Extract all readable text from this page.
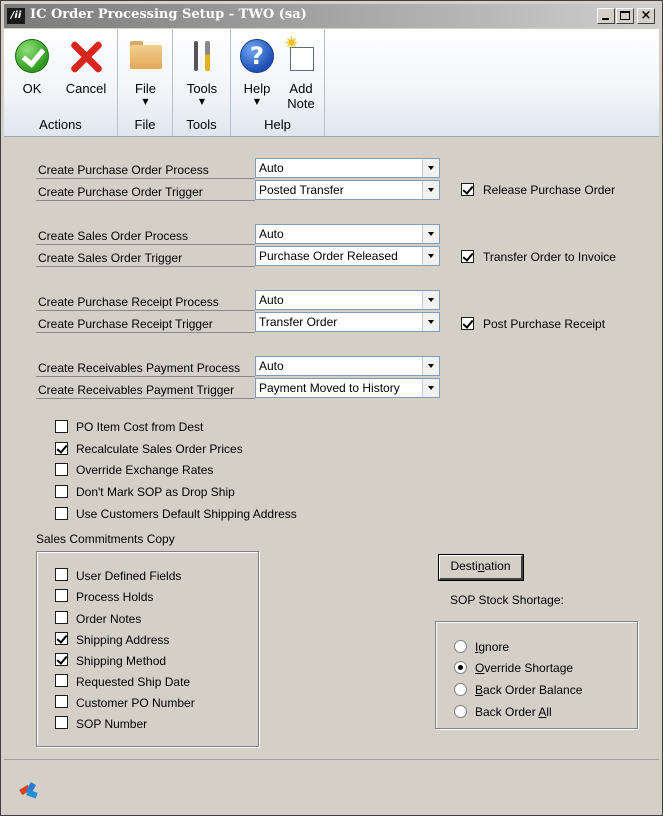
/ii IC Order Processing Setup - TWO (sa)	×
OK	Cancel
Actions
File
▼
File
Tools
▼
Tools
?
Help
▼
✷
Add
Note
Help
Create Purchase Order Process	Auto
Create Purchase Order Trigger	Posted Transfer	Release Purchase Order
Create Sales Order Process	Auto
Create Sales Order Trigger	Purchase Order Released	Transfer Order to Invoice
Create Purchase Receipt Process	Auto
Create Purchase Receipt Trigger	Transfer Order	Post Purchase Receipt
Create Receivables Payment Process Auto
Create Receivables Payment Trigger Payment Moved to History
PO Item Cost from Dest
Recalculate Sales Order Prices
Override Exchange Rates
Don't Mark SOP as Drop Ship
Use Customers Default Shipping Address
Sales Commitments Copy
User Defined Fields
Process Holds
Order Notes
Shipping Address
Shipping Method
Requested Ship Date
Customer PO Number
SOP Number
Destination
SOP Stock Shortage:
Ignore
Override Shortage
Back Order Balance
Back Order All
